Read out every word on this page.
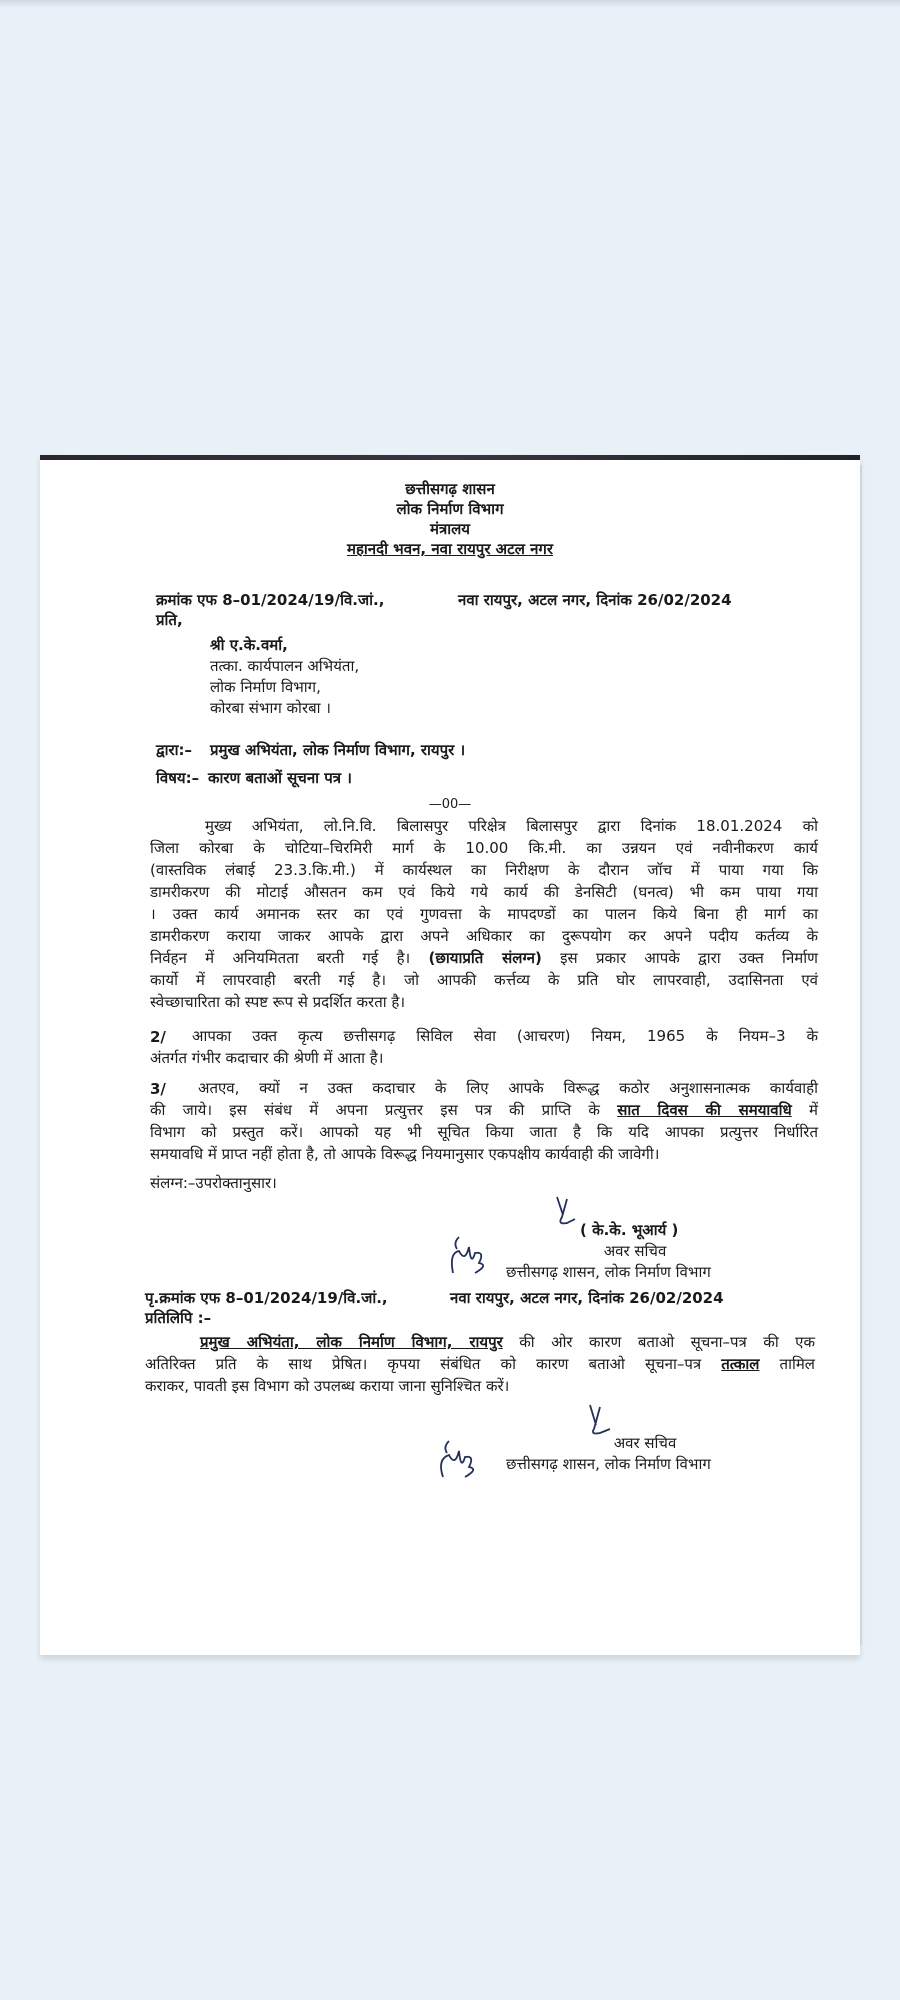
छत्तीसगढ़ शासन
लोक निर्माण विभाग
मंत्रालय
महानदी भवन, नवा रायपुर अटल नगर
क्रमांक एफ 8–01/2024/19/वि.जां.,	नवा रायपुर, अटल नगर, दिनांक 26/02/2024
प्रति,
श्री ए.के.वर्मा,
तत्का. कार्यपालन अभियंता,
लोक निर्माण विभाग,
कोरबा संभाग कोरबा ।
द्वारा:– प्रमुख अभियंता, लोक निर्माण विभाग, रायपुर ।
विषय:– कारण बताओं सूचना पत्र ।
—00—
मुख्य अभियंता, लो.नि.वि. बिलासपुर परिक्षेत्र बिलासपुर द्वारा दिनांक 18.01.2024 को
जिला कोरबा के चोटिया–चिरमिरी मार्ग के 10.00 कि.मी. का उन्नयन एवं नवीनीकरण कार्य
(वास्तविक लंबाई 23.3.कि.मी.) में कार्यस्थल का निरीक्षण के दौरान जॉच में पाया गया कि
डामरीकरण की मोटाई औसतन कम एवं किये गये कार्य की डेनसिटी (घनत्व) भी कम पाया गया
। उक्त कार्य अमानक स्तर का एवं गुणवत्ता के मापदण्डों का पालन किये बिना ही मार्ग का
डामरीकरण कराया जाकर आपके द्वारा अपने अधिकार का दुरूपयोग कर अपने पदीय कर्तव्य के
निर्वहन में अनियमितता बरती गई है। (छायाप्रति संलग्न) इस प्रकार आपके द्वारा उक्त निर्माण
कार्यो में लापरवाही बरती गई है। जो आपकी कर्त्तव्य के प्रति घोर लापरवाही, उदासिनता एवं
स्वेच्छाचारिता को स्पष्ट रूप से प्रदर्शित करता है।
2/	आपका उक्त कृत्य छत्तीसगढ़ सिविल सेवा (आचरण) नियम, 1965 के नियम–3 के
अंतर्गत गंभीर कदाचार की श्रेणी में आता है।
3/	अतएव, क्यों न उक्त कदाचार के लिए आपके विरूद्ध कठोर अनुशासनात्मक कार्यवाही
की जाये। इस संबंध में अपना प्रत्युत्तर इस पत्र की प्राप्ति के सात दिवस की समयावधि में
विभाग को प्रस्तुत करें। आपको यह भी सूचित किया जाता है कि यदि आपका प्रत्युत्तर निर्धारित
समयावधि में प्राप्त नहीं होता है, तो आपके विरूद्ध नियमानुसार एकपक्षीय कार्यवाही की जावेगी।
संलग्न:–उपरोक्तानुसार।
( के.के. भूआर्य )
अवर सचिव
छत्तीसगढ़ शासन, लोक निर्माण विभाग
पृ.क्रमांक एफ 8–01/2024/19/वि.जां.,	नवा रायपुर, अटल नगर, दिनांक 26/02/2024
प्रतिलिपि :–
प्रमुख अभियंता, लोक निर्माण विभाग, रायपुर की ओर कारण बताओ सूचना–पत्र की एक
अतिरिक्त प्रति के साथ प्रेषित। कृपया संबंधित को कारण बताओ सूचना–पत्र तत्काल तामिल
कराकर, पावती इस विभाग को उपलब्ध कराया जाना सुनिश्चित करें।
अवर सचिव
छत्तीसगढ़ शासन, लोक निर्माण विभाग
